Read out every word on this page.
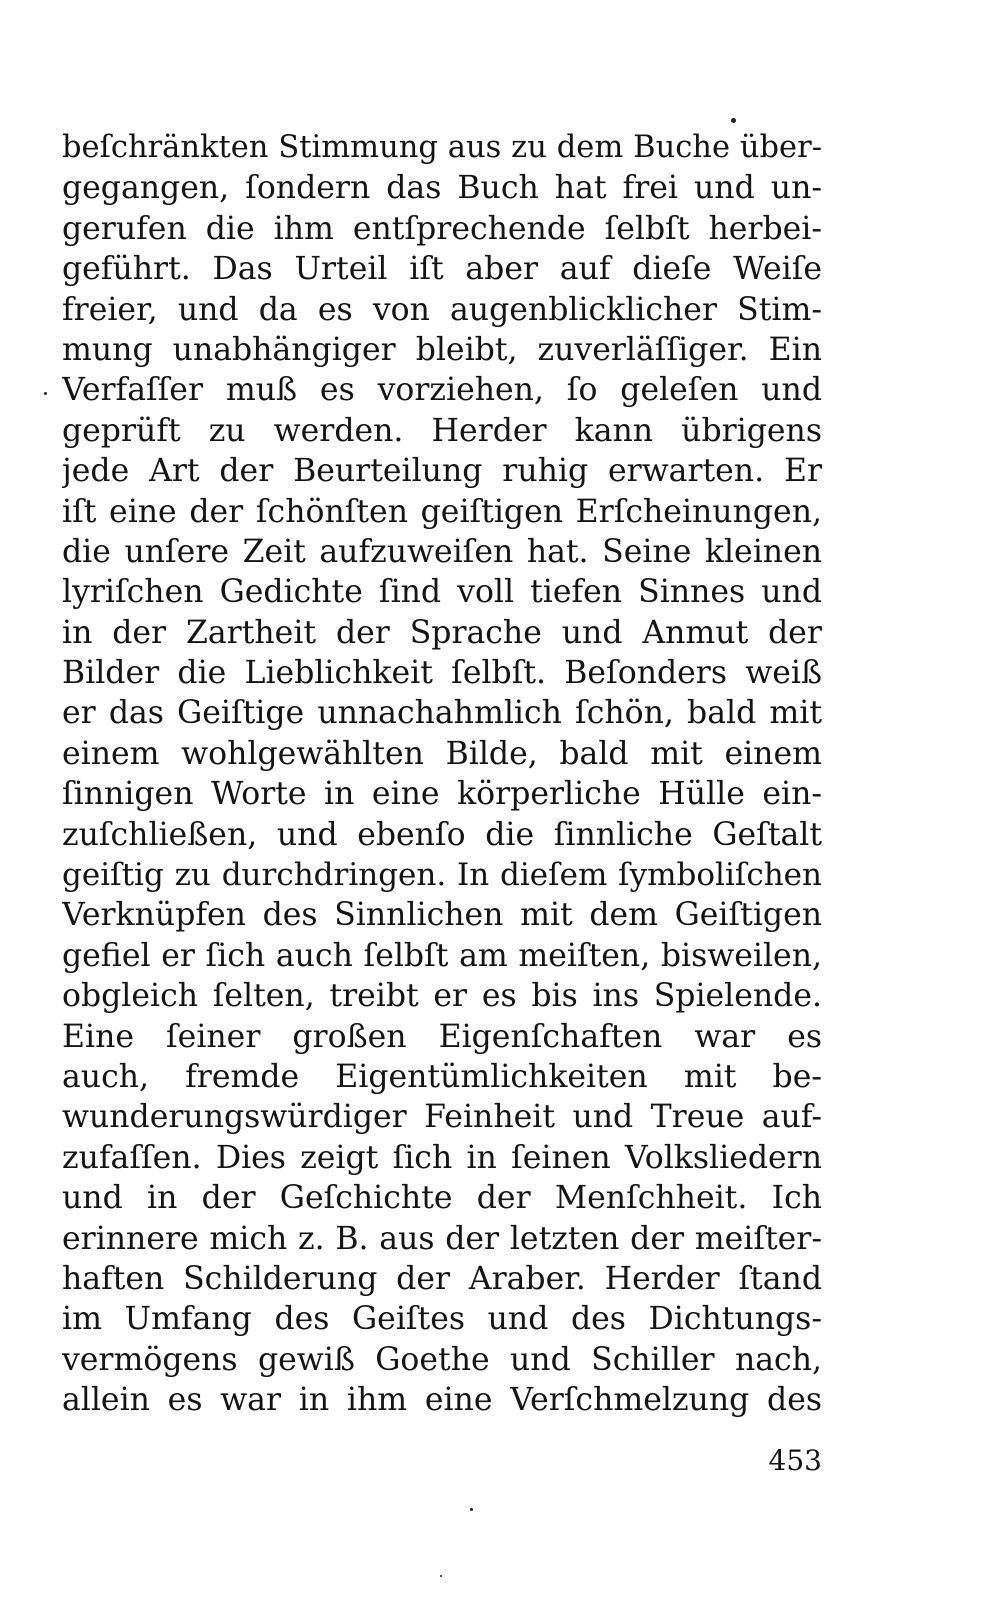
beſchränkten Stimmung aus zu dem Buche über-
gegangen, ſondern das Buch hat frei und un-
gerufen die ihm entſprechende ſelbſt herbei-
geführt. Das Urteil iſt aber auf dieſe Weiſe
freier, und da es von augenblicklicher Stim-
mung unabhängiger bleibt, zuverläſſiger. Ein
Verfaſſer muß es vorziehen, ſo geleſen und
geprüft zu werden. Herder kann übrigens
jede Art der Beurteilung ruhig erwarten. Er
iſt eine der ſchönſten geiſtigen Erſcheinungen,
die unſere Zeit aufzuweiſen hat. Seine kleinen
lyriſchen Gedichte ſind voll tiefen Sinnes und
in der Zartheit der Sprache und Anmut der
Bilder die Lieblichkeit ſelbſt. Beſonders weiß
er das Geiſtige unnachahmlich ſchön, bald mit
einem wohlgewählten Bilde, bald mit einem
ſinnigen Worte in eine körperliche Hülle ein-
zuſchließen, und ebenſo die ſinnliche Geſtalt
geiſtig zu durchdringen. In dieſem ſymboliſchen
Verknüpfen des Sinnlichen mit dem Geiſtigen
gefiel er ſich auch ſelbſt am meiſten, bisweilen,
obgleich ſelten, treibt er es bis ins Spielende.
Eine ſeiner großen Eigenſchaften war es
auch, fremde Eigentümlichkeiten mit be-
wunderungswürdiger Feinheit und Treue auf-
zufaſſen. Dies zeigt ſich in ſeinen Volksliedern
und in der Geſchichte der Menſchheit. Ich
erinnere mich z. B. aus der letzten der meiſter-
haften Schilderung der Araber. Herder ſtand
im Umfang des Geiſtes und des Dichtungs-
vermögens gewiß Goethe und Schiller nach,
allein es war in ihm eine Verſchmelzung des
453
